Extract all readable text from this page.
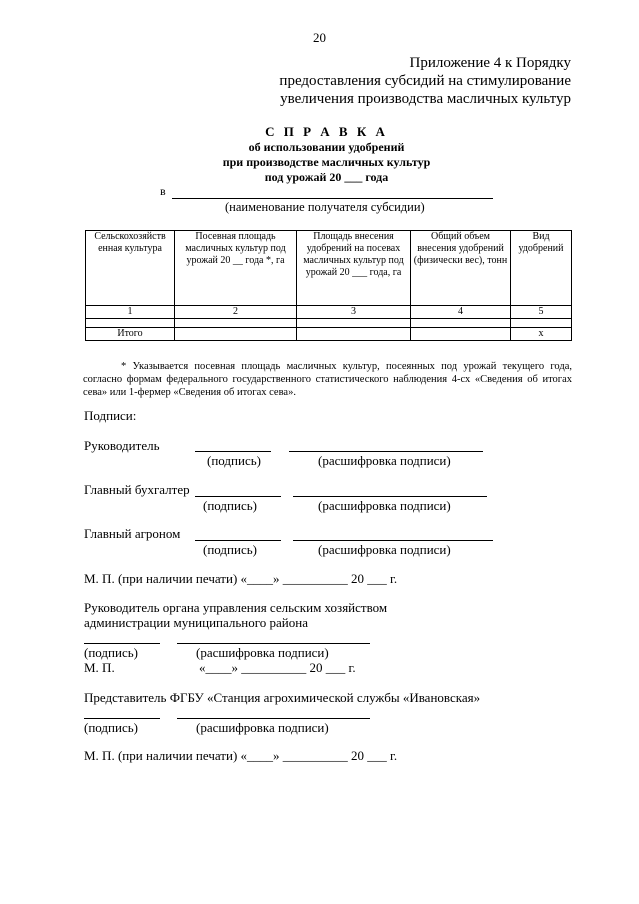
20
Приложение 4 к Порядку
предоставления субсидий на стимулирование
увеличения производства масличных культур
С П Р А В К А
об использовании удобрений
при производстве масличных культур
под урожай 20 ___ года
в
(наименование получателя субсидии)
Сельскохозяйств енная культура	Посевная площадь масличных культур под урожай 20 __ года *, га	Площадь внесения удобрений на посевах масличных культур под урожай 20 ___ года, га	Общий объем внесения удобрений (физически вес), тонн	Вид удобрений
1	2	3	4	5

Итого				x
* Указывается посевная площадь масличных культур, посеянных под урожай текущего года, согласно формам федерального государственного статистического наблюдения 4-сх «Сведения об итогах сева» или 1-фермер «Сведения об итогах сева».
Подписи:
Руководитель
(подпись)	(расшифровка подписи)
Главный бухгалтер
(подпись)	(расшифровка подписи)
Главный агроном
(подпись)	(расшифровка подписи)
М. П. (при наличии печати) «____» __________ 20 ___ г.
Руководитель органа управления сельским хозяйством
администрации муниципального района
(подпись)	(расшифровка подписи)
М. П.	«____» __________ 20 ___ г.
Представитель ФГБУ «Станция агрохимической службы «Ивановская»
(подпись)	(расшифровка подписи)
М. П. (при наличии печати) «____» __________ 20 ___ г.
